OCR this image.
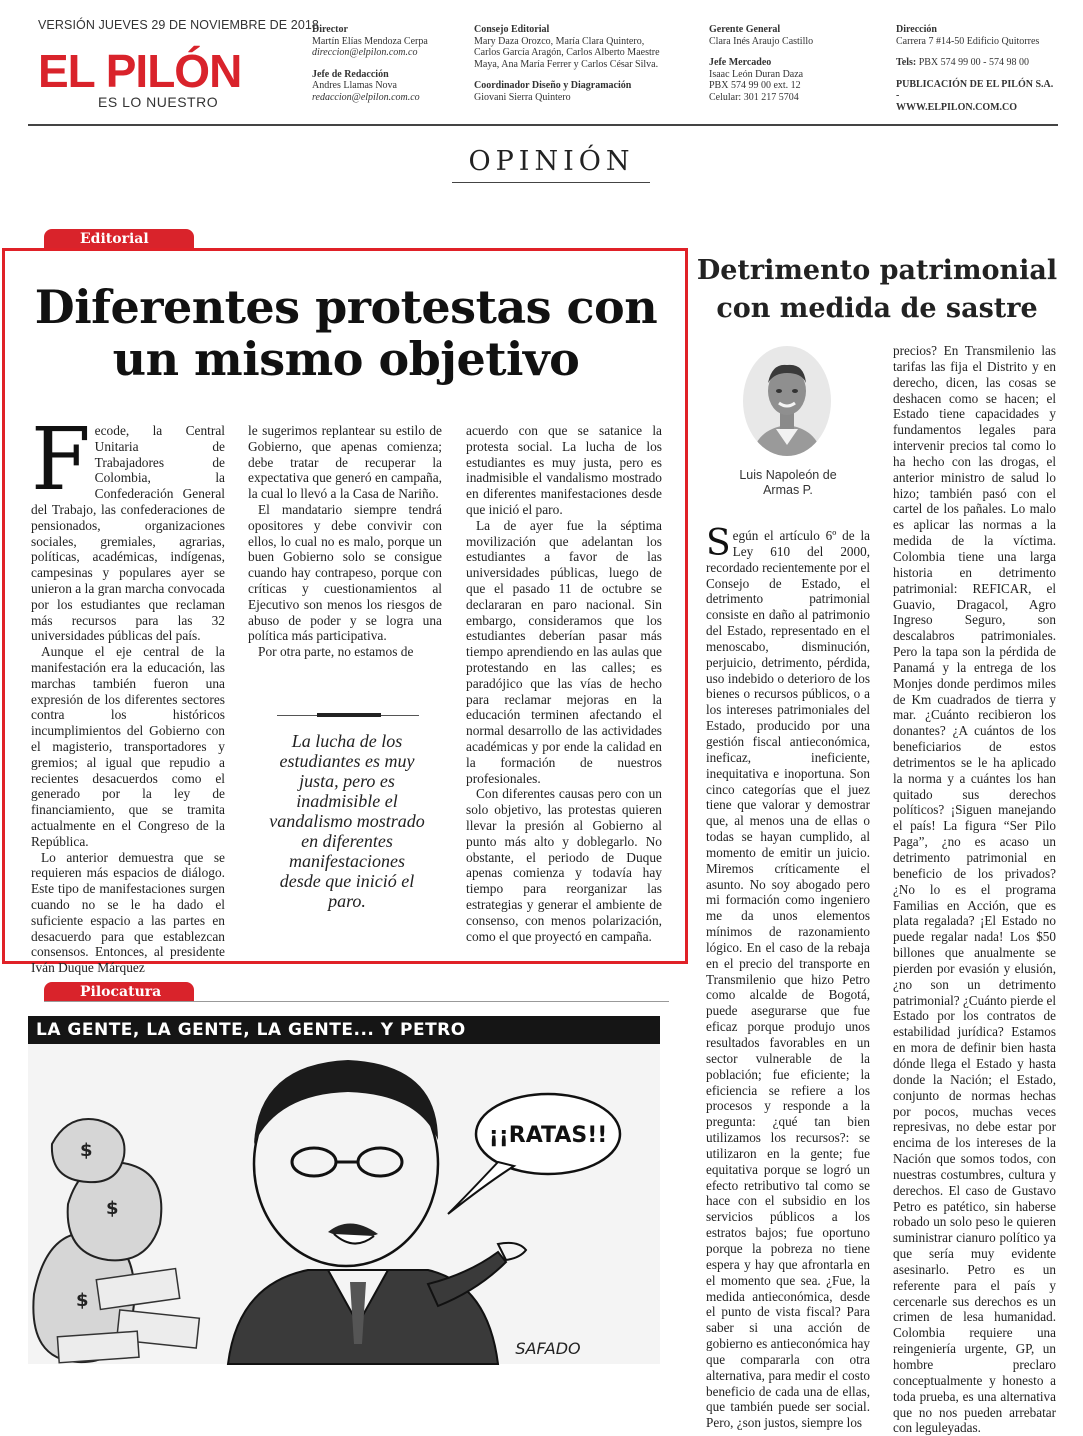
VERSIÓN JUEVES 29 DE NOVIEMBRE DE 2018
EL PILÓN
ES LO NUESTRO
Director
Martín Elías Mendoza Cerpa
direccion@elpilon.com.co
Jefe de Redacción
Andres Llamas Nova
redaccion@elpilon.com.co
Consejo Editorial
Mary Daza Orozco, María Clara Quintero,
Carlos García Aragón, Carlos Alberto Maestre
Maya, Ana María Ferrer y Carlos César Silva.
Coordinador Diseño y Diagramación
Giovani Sierra Quintero
Gerente General
Clara Inés Araujo Castillo
Jefe Mercadeo
Isaac León Duran Daza
PBX 574 99 00 ext. 12
Celular: 301 217 5704
Dirección
Carrera 7 #14-50 Edificio Quitorres
Tels: PBX 574 99 00 - 574 98 00
PUBLICACIÓN DE EL PILÓN S.A. -
WWW.ELPILON.COM.CO
OPINIÓN
Editorial
Diferentes protestas con
un mismo objetivo

Fecode, la Central Unitaria de Trabajadores de Colombia, la Confederación General del Trabajo, las confederaciones de pensionados, organizaciones sociales, gremiales, agrarias, políticas, académicas, indígenas, campesinas y populares ayer se unieron a la gran marcha convocada por los estudiantes que reclaman más recursos para las 32 universidades públicas del país.

Aunque el eje central de la manifestación era la educación, las marchas también fueron una expresión de los diferentes sectores contra los históricos incumplimientos del Gobierno con el magisterio, transportadores y gremios; al igual que repudio a recientes desacuerdos como el generado por la ley de financiamiento, que se tramita actualmente en el Congreso de la República.

Lo anterior demuestra que se requieren más espacios de diálogo. Este tipo de manifestaciones surgen cuando no se le ha dado el suficiente espacio a las partes en desacuerdo para que establezcan consensos. Entonces, al presidente Iván Duque Márquez

le sugerimos replantear su estilo de Gobierno, que apenas comienza; debe tratar de recuperar la expectativa que generó en campaña, la cual lo llevó a la Casa de Nariño.

El mandatario siempre tendrá opositores y debe convivir con ellos, lo cual no es malo, porque un buen Gobierno solo se consigue cuando hay contrapeso, porque con críticas y cuestionamientos al Ejecutivo son menos los riesgos de abuso de poder y se logra una política más participativa.

Por otra parte, no estamos de

La lucha de los estudiantes es muy justa, pero es inadmisible el vandalismo mostrado en diferentes manifestaciones desde que inició el paro.

acuerdo con que se satanice la protesta social. La lucha de los estudiantes es muy justa, pero es inadmisible el vandalismo mostrado en diferentes manifestaciones desde que inició el paro.

La de ayer fue la séptima movilización que adelantan los estudiantes a favor de las universidades públicas, luego de que el pasado 11 de octubre se declararan en paro nacional. Sin embargo, consideramos que los estudiantes deberían pasar más tiempo aprendiendo en las aulas que protestando en las calles; es paradójico que las vías de hecho para reclamar mejoras en la educación terminen afectando el normal desarrollo de las actividades académicas y por ende la calidad en la formación de nuestros profesionales.

Con diferentes causas pero con un solo objetivo, las protestas quieren llevar la presión al Gobierno al punto más alto y doblegarlo. No obstante, el periodo de Duque apenas comienza y todavía hay tiempo para reorganizar las estrategias y generar el ambiente de consenso, con menos polarización, como el que proyectó en campaña.

Detrimento patrimonial
con medida de sastre
Luis Napoleón de
Armas P.

Según el artículo 6º de la Ley 610 del 2000, recordado recientemente por el Consejo de Estado, el detrimento patrimonial consiste en daño al patrimonio del Estado, representado en el menoscabo, disminución, perjuicio, detrimento, pérdida, uso indebido o deterioro de los bienes o recursos públicos, o a los intereses patrimoniales del Estado, producido por una gestión fiscal antieconómica, ineficaz, ineficiente, inequitativa e inoportuna. Son cinco categorías que el juez tiene que valorar y demostrar que, al menos una de ellas o todas se hayan cumplido, al momento de emitir un juicio. Miremos críticamente el asunto. No soy abogado pero mi formación como ingeniero me da unos elementos mínimos de razonamiento lógico. En el caso de la rebaja en el precio del transporte en Transmilenio que hizo Petro como alcalde de Bogotá, puede asegurarse que fue eficaz porque produjo unos resultados favorables en un sector vulnerable de la población; fue eficiente; la eficiencia se refiere a los procesos y responde a la pregunta: ¿qué tan bien utilizamos los recursos?: se utilizaron en la gente; fue equitativa porque se logró un efecto retributivo tal como se hace con el subsidio en los servicios públicos a los estratos bajos; fue oportuno porque la pobreza no tiene espera y hay que afrontarla en el momento que sea. ¿Fue, la medida antieconómica, desde el punto de vista fiscal? Para saber si una acción de gobierno es antieconómica hay que compararla con otra alternativa, para medir el costo beneficio de cada una de ellas, que también puede ser social. Pero, ¿son justos, siempre los

precios? En Transmilenio las tarifas las fija el Distrito y en derecho, dicen, las cosas se deshacen como se hacen; el Estado tiene capacidades y fundamentos legales para intervenir precios tal como lo ha hecho con las drogas, el anterior ministro de salud lo hizo; también pasó con el cartel de los pañales. Lo malo es aplicar las normas a la medida de la víctima. Colombia tiene una larga historia en detrimento patrimonial: REFICAR, el Guavio, Dragacol, Agro Ingreso Seguro, son descalabros patrimoniales. Pero la tapa son la pérdida de Panamá y la entrega de los Monjes donde perdimos miles de Km cuadrados de tierra y mar. ¿Cuánto recibieron los donantes? ¿A cuántos de los beneficiarios de estos detrimentos se le ha aplicado la norma y a cuántes los han quitado sus derechos políticos? ¡Siguen manejando el país! La figura “Ser Pilo Paga”, ¿no es acaso un detrimento patrimonial en beneficio de los privados? ¿No lo es el programa Familias en Acción, que es plata regalada? ¡El Estado no puede regalar nada! Los $50 billones que anualmente se pierden por evasión y elusión, ¿no son un detrimento patrimonial? ¿Cuánto pierde el Estado por los contratos de estabilidad jurídica? Estamos en mora de definir bien hasta dónde llega el Estado y hasta donde la Nación; el Estado, conjunto de normas hechas por pocos, muchas veces represivas, no debe estar por encima de los intereses de la Nación que somos todos, con nuestras costumbres, cultura y derechos. El caso de Gustavo Petro es patético, sin haberse robado un solo peso le quieren suministrar cianuro político ya que sería muy evidente asesinarlo. Petro es un referente para el país y cercenarle sus derechos es un crimen de lesa humanidad. Colombia requiere una reingeniería urgente, GP, un hombre preclaro conceptualmente y honesto a toda prueba, es una alternativa que no nos pueden arrebatar con leguleyadas.

Pilocatura
LA GENTE, LA GENTE, LA GENTE... Y PETRO
$
$
$
¡¡RATAS!!
SAFADO
